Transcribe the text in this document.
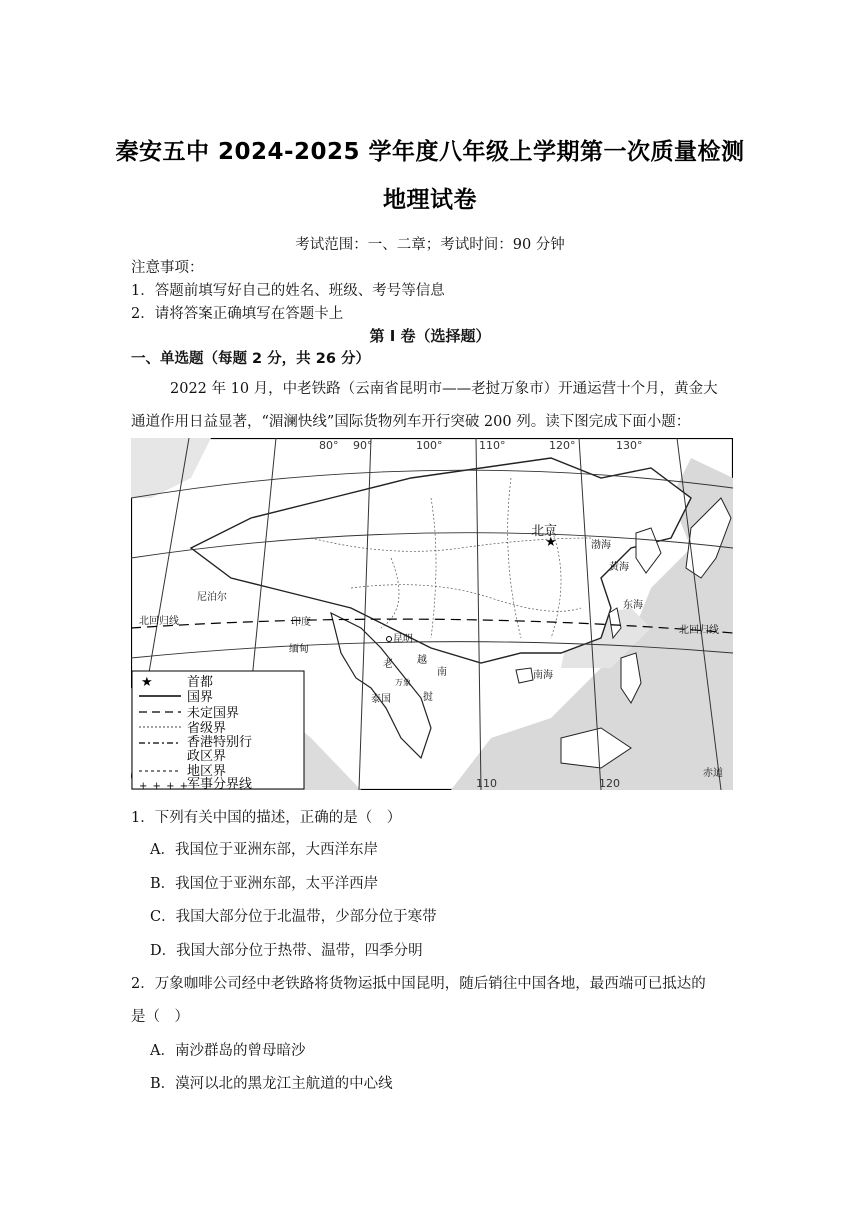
秦安五中 2024-2025 学年度八年级上学期第一次质量检测
地理试卷
考试范围：一、二章；考试时间：90 分钟
注意事项：
1．答题前填写好自己的姓名、班级、考号等信息
2．请将答案正确填写在答题卡上
第 I 卷（选择题）
一、单选题（每题 2 分，共 26 分）
2022 年 10 月，中老铁路（云南省昆明市——老挝万象市）开通运营十个月，黄金大
通道作用日益显著，“湄澜快线”国际货物列车开行突破 200 列。读下图完成下面小题：
80° 90°	100°	110°	120°	130°
110	120
北京
★	渤海
黄海
东海
南海
印度
缅甸
昆明
泰国
万象
尼泊尔
老 越
南
挝
北回归线
北回归线
赤道
★	首都
国界
未定国界
省级界
香港特别行
政区界
地区界
+ + + +
军事分界线
1．下列有关中国的描述，正确的是（　）
A．我国位于亚洲东部，大西洋东岸
B．我国位于亚洲东部，太平洋西岸
C．我国大部分位于北温带，少部分位于寒带
D．我国大部分位于热带、温带，四季分明
2．万象咖啡公司经中老铁路将货物运抵中国昆明，随后销往中国各地，最西端可已抵达的
是（　）
A．南沙群岛的曾母暗沙
B．漠河以北的黑龙江主航道的中心线
